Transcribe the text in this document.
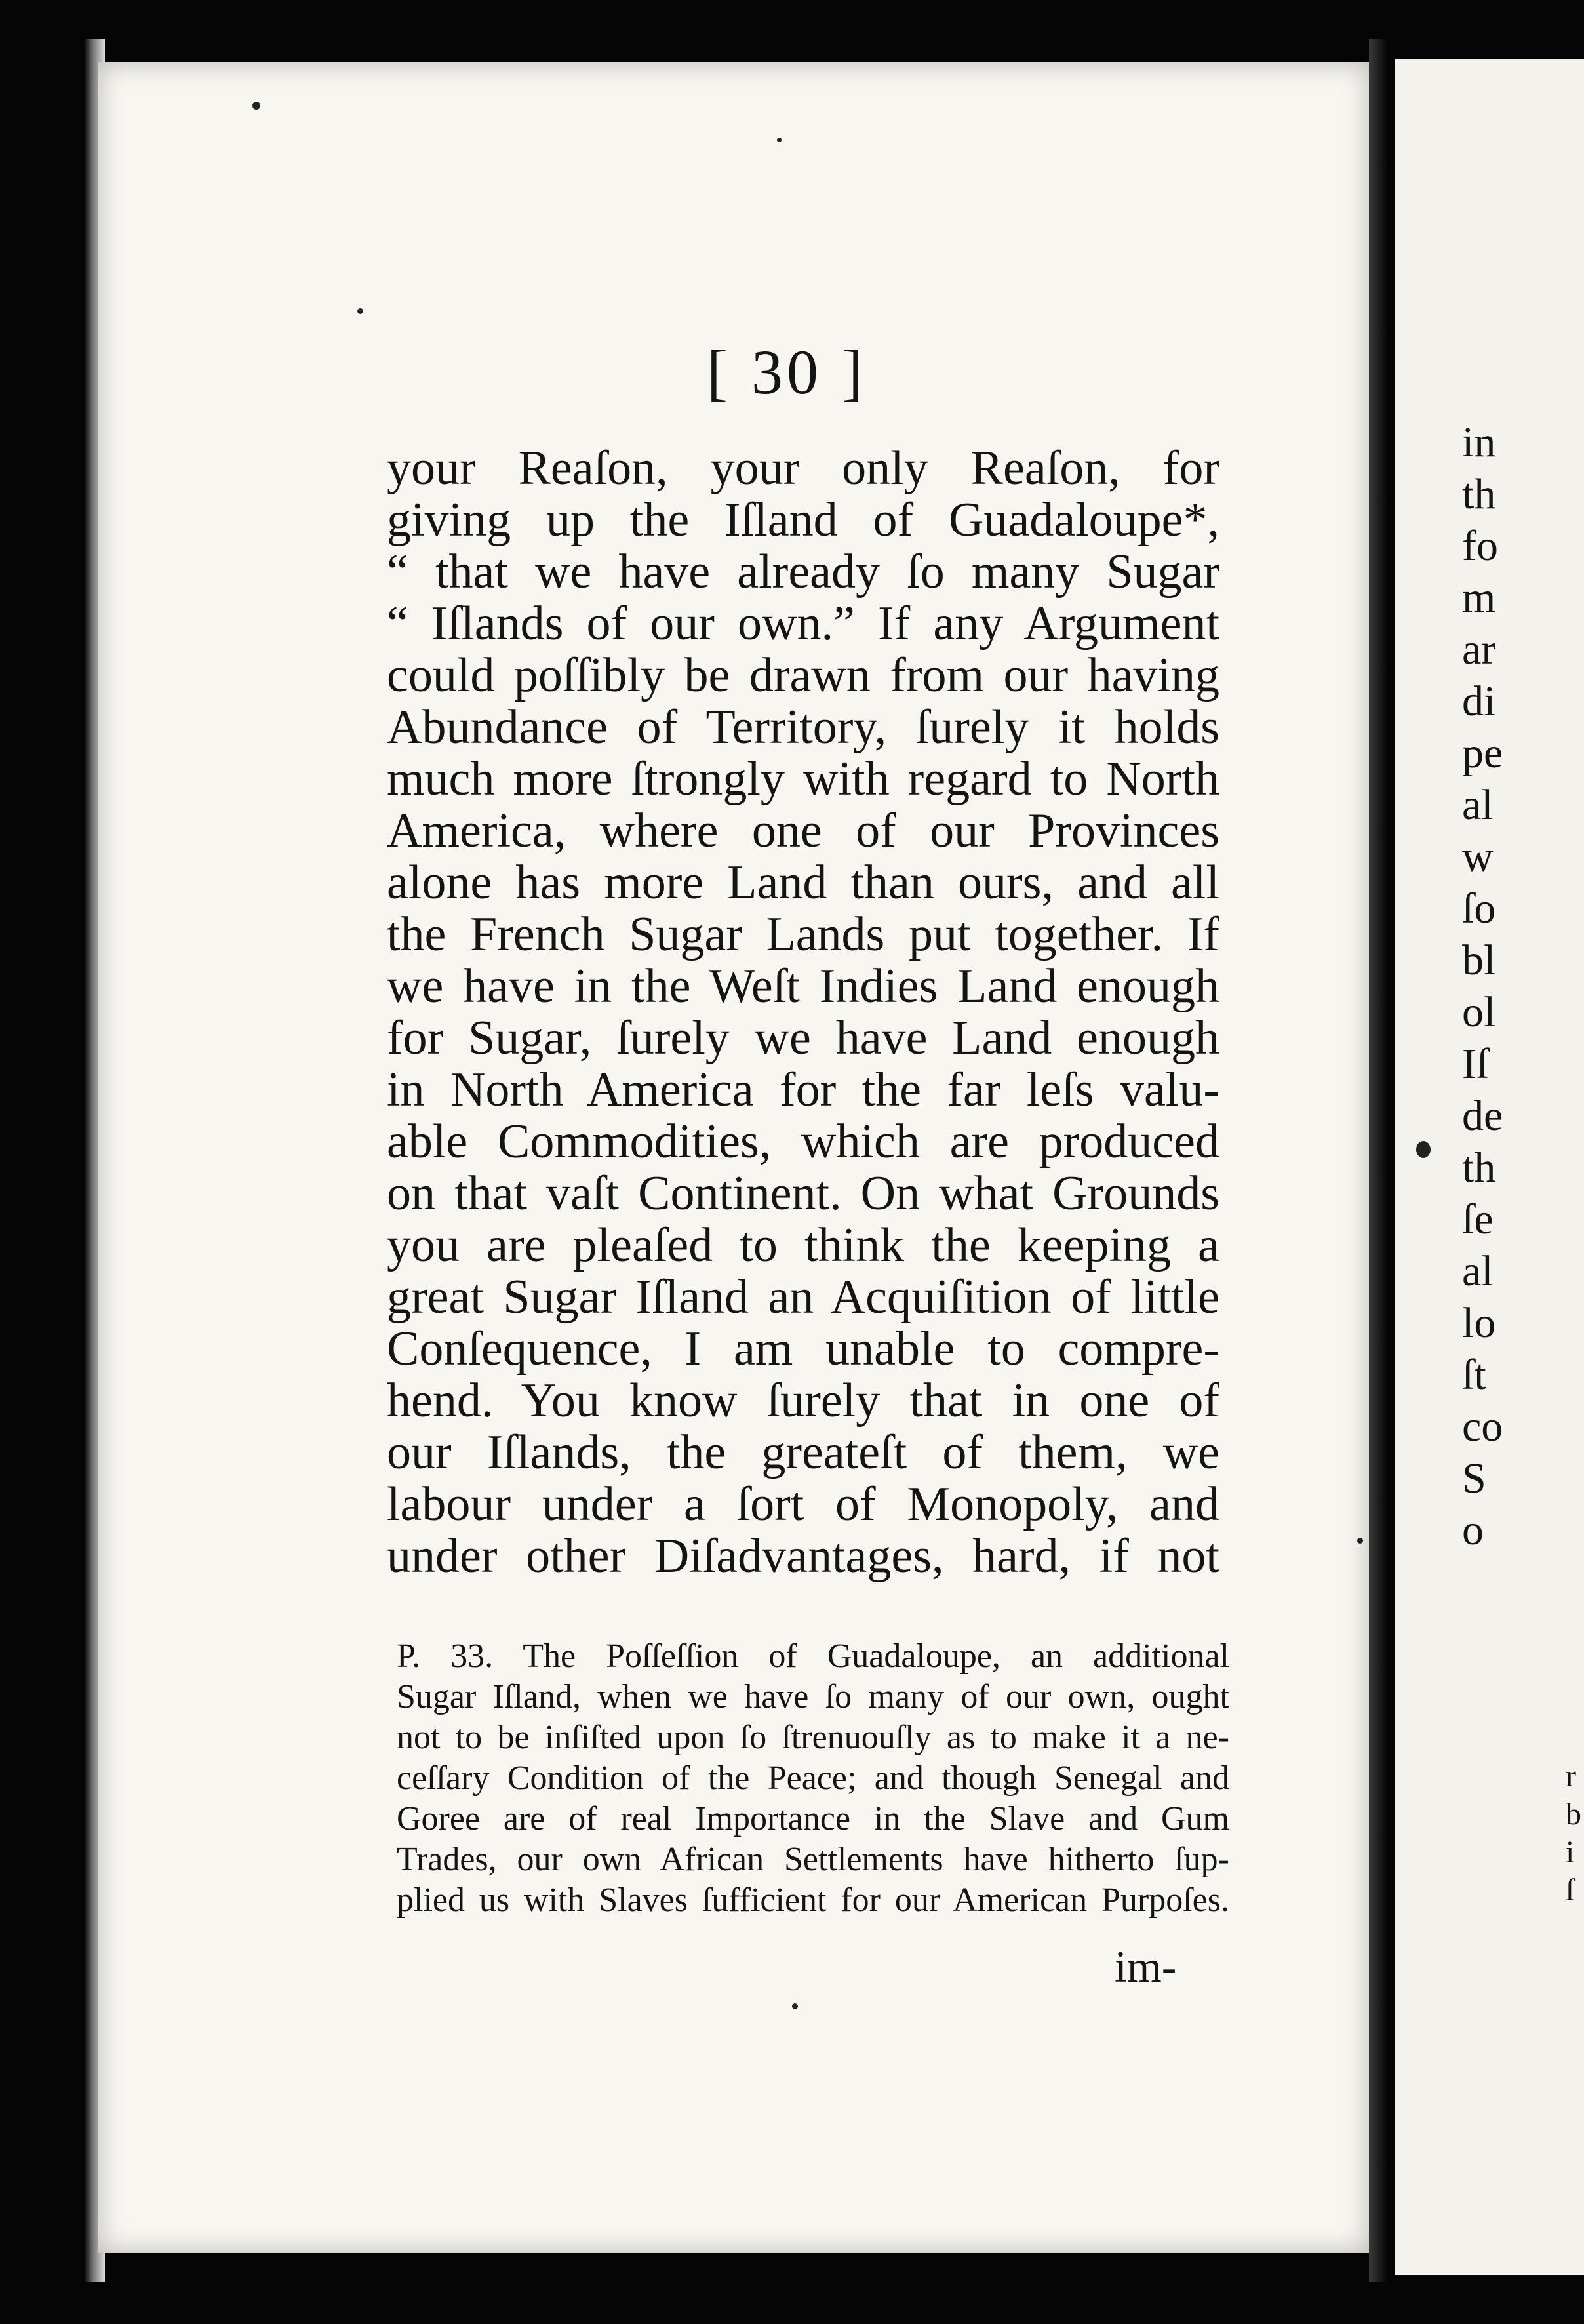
[ 30 ]
your Reaſon, your only Reaſon, for
giving up the Iſland of Guadaloupe*,
“ that we have already ſo many Sugar
“ Iſlands of our own.” If any Argument
could poſſibly be drawn from our having
Abundance of Territory, ſurely it holds
much more ſtrongly with regard to North
America, where one of our Provinces
alone has more Land than ours, and all
the French Sugar Lands put together. If
we have in the Weſt Indies Land enough
for Sugar, ſurely we have Land enough
in North America for the far leſs valu-
able Commodities, which are produced
on that vaſt Continent. On what Grounds
you are pleaſed to think the keeping a
great Sugar Iſland an Acquiſition of little
Conſequence, I am unable to compre-
hend. You know ſurely that in one of
our Iſlands, the greateſt of them, we
labour under a ſort of Monopoly, and
under other Diſadvantages, hard, if not
P. 33. The Poſſeſſion of Guadaloupe, an additional
Sugar Iſland, when we have ſo many of our own, ought
not to be inſiſted upon ſo ſtrenuouſly as to make it a ne-
ceſſary Condition of the Peace; and though Senegal and
Goree are of real Importance in the Slave and Gum
Trades, our own African Settlements have hitherto ſup-
plied us with Slaves ſufficient for our American Purpoſes.
im-
in
th
fo
m
ar
di
pe
al
w
ſo
bl
ol
Iſ
de
th
ſe
al
lo
ſt
co
S
o
r
b
i
ſ
